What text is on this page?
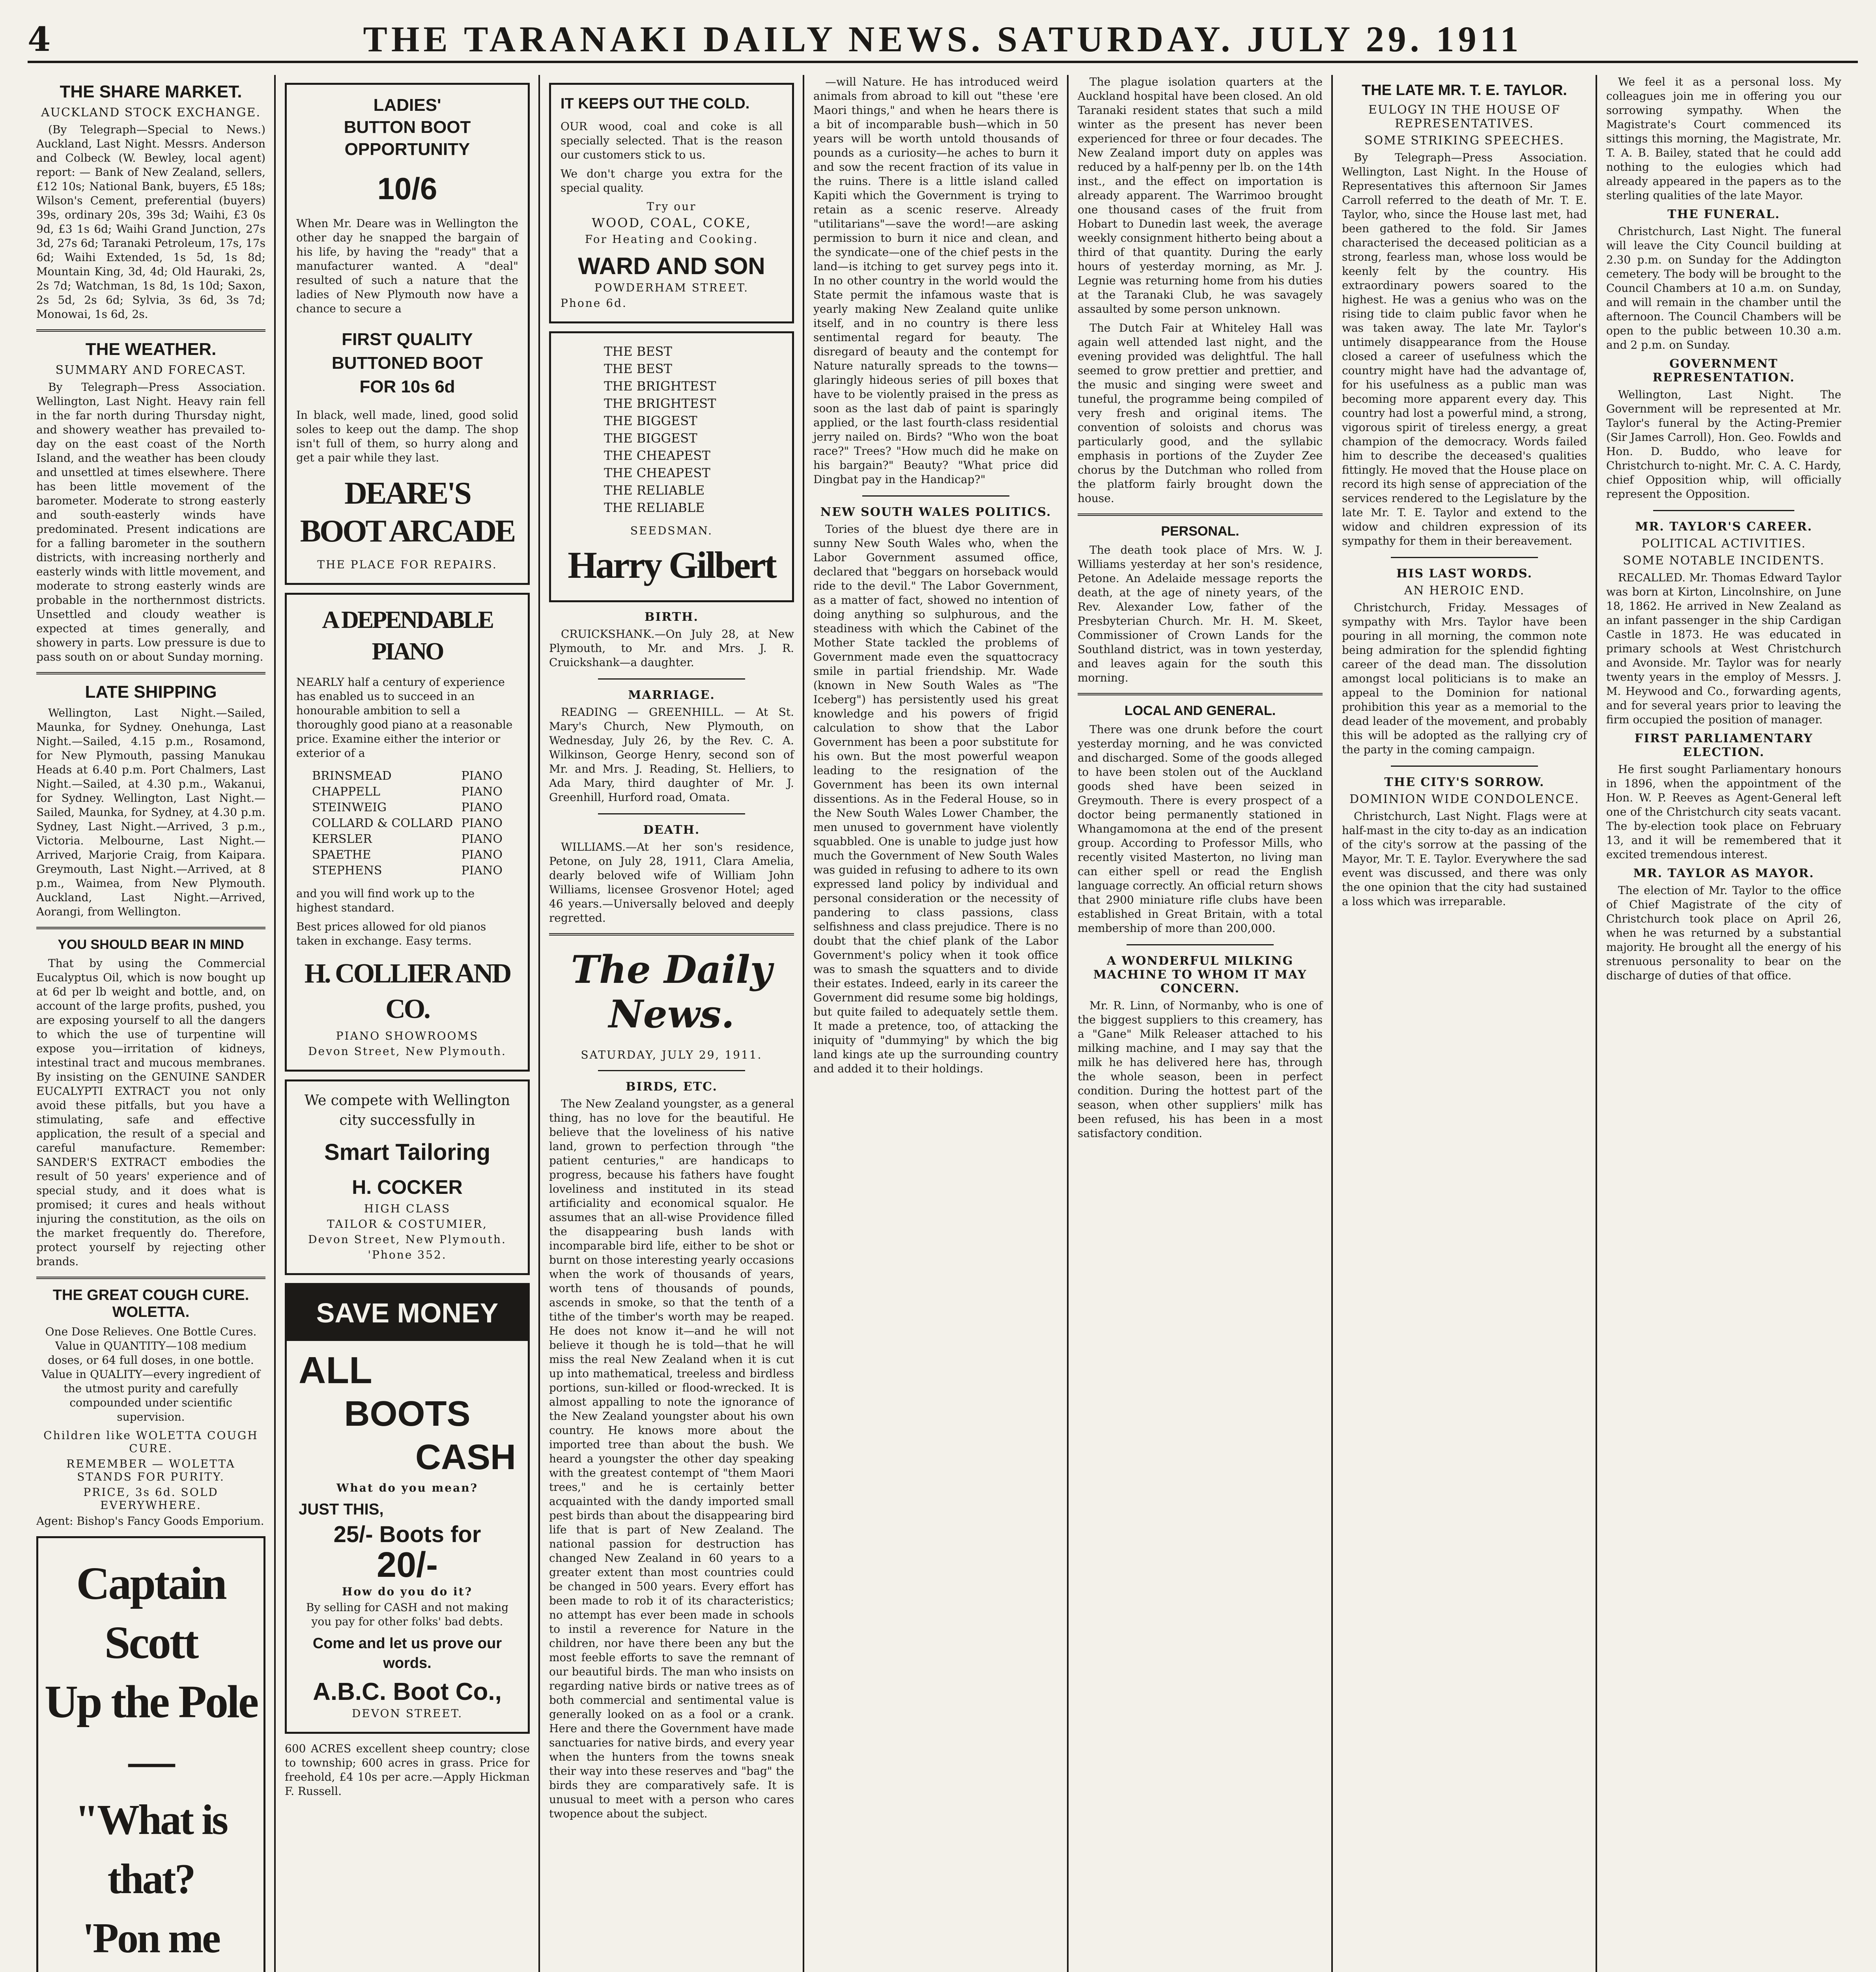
4	THE TARANAKI DAILY NEWS. SATURDAY. JULY 29. 1911
THE SHARE MARKET.
AUCKLAND STOCK EXCHANGE.

(By Telegraph—Special to News.) Auckland, Last Night. Messrs. Anderson and Colbeck (W. Bewley, local agent) report: — Bank of New Zealand, sellers, £12 10s; National Bank, buyers, £5 18s; Wilson's Cement, preferential (buyers) 39s, ordinary 20s, 39s 3d; Waihi, £3 0s 9d, £3 1s 6d; Waihi Grand Junction, 27s 3d, 27s 6d; Taranaki Petroleum, 17s, 17s 6d; Waihi Extended, 1s 5d, 1s 8d; Mountain King, 3d, 4d; Old Hauraki, 2s, 2s 7d; Watchman, 1s 8d, 1s 10d; Saxon, 2s 5d, 2s 6d; Sylvia, 3s 6d, 3s 7d; Monowai, 1s 6d, 2s.

THE WEATHER.
SUMMARY AND FORECAST.

By Telegraph—Press Association. Wellington, Last Night. Heavy rain fell in the far north during Thursday night, and showery weather has prevailed to-day on the east coast of the North Island, and the weather has been cloudy and unsettled at times elsewhere. There has been little movement of the barometer. Moderate to strong easterly and south-easterly winds have predominated. Present indications are for a falling barometer in the southern districts, with increasing northerly and easterly winds with little movement, and moderate to strong easterly winds are probable in the northernmost districts. Unsettled and cloudy weather is expected at times generally, and showery in parts. Low pressure is due to pass south on or about Sunday morning.

LATE SHIPPING

Wellington, Last Night.—Sailed, Maunka, for Sydney. Onehunga, Last Night.—Sailed, 4.15 p.m., Rosamond, for New Plymouth, passing Manukau Heads at 6.40 p.m. Port Chalmers, Last Night.—Sailed, at 4.30 p.m., Wakanui, for Sydney. Wellington, Last Night.—Sailed, Maunka, for Sydney, at 4.30 p.m. Sydney, Last Night.—Arrived, 3 p.m., Victoria. Melbourne, Last Night.—Arrived, Marjorie Craig, from Kaipara. Greymouth, Last Night.—Arrived, at 8 p.m., Waimea, from New Plymouth. Auckland, Last Night.—Arrived, Aorangi, from Wellington.

YOU SHOULD BEAR IN MIND

That by using the Commercial Eucalyptus Oil, which is now bought up at 6d per lb weight and bottle, and, on account of the large profits, pushed, you are exposing yourself to all the dangers to which the use of turpentine will expose you—irritation of kidneys, intestinal tract and mucous membranes. By insisting on the GENUINE SANDER EUCALYPTI EXTRACT you not only avoid these pitfalls, but you have a stimulating, safe and effective application, the result of a special and careful manufacture. Remember: SANDER'S EXTRACT embodies the result of 50 years' experience and of special study, and it does what is promised; it cures and heals without injuring the constitution, as the oils on the market frequently do. Therefore, protect yourself by rejecting other brands.

THE GREAT COUGH CURE. WOLETTA.

One Dose Relieves. One Bottle Cures. Value in QUANTITY—108 medium doses, or 64 full doses, in one bottle. Value in QUALITY—every ingredient of the utmost purity and carefully compounded under scientific supervision.

Children like WOLETTA COUGH CURE.
REMEMBER — WOLETTA STANDS FOR PURITY.
PRICE, 3s 6d. SOLD EVERYWHERE.

Agent: Bishop's Fancy Goods Emporium.

Captain Scott
Up the Pole—
"What is that?
'Pon me

LADIES'
BUTTON BOOT
OPPORTUNITY
10/6

When Mr. Deare was in Wellington the other day he snapped the bargain of his life, by having the "ready" that a manufacturer wanted. A "deal" resulted of such a nature that the ladies of New Plymouth now have a chance to secure a

FIRST QUALITY
BUTTONED BOOT
FOR 10s 6d

In black, well made, lined, good solid soles to keep out the damp. The shop isn't full of them, so hurry along and get a pair while they last.

DEARE'S
BOOT ARCADE
THE PLACE FOR REPAIRS.
A DEPENDABLE PIANO

NEARLY half a century of experience has enabled us to succeed in an honourable ambition to sell a thoroughly good piano at a reasonable price. Examine either the interior or exterior of a

BRINSMEAD	PIANO
CHAPPELL	PIANO
STEINWEIG	PIANO
COLLARD & COLLARD PIANO
KERSLER	PIANO
SPAETHE	PIANO
STEPHENS	PIANO

and you will find work up to the highest standard.

Best prices allowed for old pianos taken in exchange. Easy terms.

H. COLLIER AND CO.
PIANO SHOWROOMS
Devon Street, New Plymouth.

We compete with Wellington city successfully in

Smart Tailoring
H. COCKER
HIGH CLASS
TAILOR & COSTUMIER,
Devon Street, New Plymouth.
'Phone 352.
SAVE MONEY
ALL
BOOTS
CASH
What do you mean?
JUST THIS,
25/- Boots for
20/-
How do you do it?

By selling for CASH and not making you pay for other folks' bad debts.

Come and let us prove our words.
A.B.C. Boot Co.,
DEVON STREET.

600 ACRES excellent sheep country; close to township; 600 acres in grass. Price for freehold, £4 10s per acre.—Apply Hickman F. Russell.

IT KEEPS OUT THE COLD.

OUR wood, coal and coke is all specially selected. That is the reason our customers stick to us.

We don't charge you extra for the special quality.

Try our
WOOD, COAL, COKE,
For Heating and Cooking.
WARD AND SON
POWDERHAM STREET.
Phone 6d.
THE BEST
THE BEST
THE BRIGHTEST
THE BRIGHTEST
THE BIGGEST
THE BIGGEST
THE CHEAPEST
THE CHEAPEST
THE RELIABLE
THE RELIABLE
SEEDSMAN.
Harry Gilbert
BIRTH.

CRUICKSHANK.—On July 28, at New Plymouth, to Mr. and Mrs. J. R. Cruickshank—a daughter.

MARRIAGE.

READING — GREENHILL. — At St. Mary's Church, New Plymouth, on Wednesday, July 26, by the Rev. C. A. Wilkinson, George Henry, second son of Mr. and Mrs. J. Reading, St. Helliers, to Ada Mary, third daughter of Mr. J. Greenhill, Hurford road, Omata.

DEATH.

WILLIAMS.—At her son's residence, Petone, on July 28, 1911, Clara Amelia, dearly beloved wife of William John Williams, licensee Grosvenor Hotel; aged 46 years.—Universally beloved and deeply regretted.

The Daily News.
SATURDAY, JULY 29, 1911.
BIRDS, ETC.

The New Zealand youngster, as a general thing, has no love for the beautiful. He believe that the loveliness of his native land, grown to perfection through "the patient centuries," are handicaps to progress, because his fathers have fought loveliness and instituted in its stead artificiality and economical squalor. He assumes that an all-wise Providence filled the disappearing bush lands with incomparable bird life, either to be shot or burnt on those interesting yearly occasions when the work of thousands of years, worth tens of thousands of pounds, ascends in smoke, so that the tenth of a tithe of the timber's worth may be reaped. He does not know it—and he will not believe it though he is told—that he will miss the real New Zealand when it is cut up into mathematical, treeless and birdless portions, sun-killed or flood-wrecked. It is almost appalling to note the ignorance of the New Zealand youngster about his own country. He knows more about the imported tree than about the bush. We heard a youngster the other day speaking with the greatest contempt of "them Maori trees," and he is certainly better acquainted with the dandy imported small pest birds than about the disappearing bird life that is part of New Zealand. The national passion for destruction has changed New Zealand in 60 years to a greater extent than most countries could be changed in 500 years. Every effort has been made to rob it of its characteristics; no attempt has ever been made in schools to instil a reverence for Nature in the children, nor have there been any but the most feeble efforts to save the remnant of our beautiful birds. The man who insists on regarding native birds or native trees as of both commercial and sentimental value is generally looked on as a fool or a crank. Here and there the Government have made sanctuaries for native birds, and every year when the hunters from the towns sneak their way into these reserves and "bag" the birds they are comparatively safe. It is unusual to meet with a person who cares twopence about the subject.

—will Nature. He has introduced weird animals from abroad to kill out "these 'ere Maori things," and when he hears there is a bit of incomparable bush—which in 50 years will be worth untold thousands of pounds as a curiosity—he aches to burn it and sow the recent fraction of its value in the ruins. There is a little island called Kapiti which the Government is trying to retain as a scenic reserve. Already "utilitarians"—save the word!—are asking permission to burn it nice and clean, and the syndicate—one of the chief pests in the land—is itching to get survey pegs into it. In no other country in the world would the State permit the infamous waste that is yearly making New Zealand quite unlike itself, and in no country is there less sentimental regard for beauty. The disregard of beauty and the contempt for Nature naturally spreads to the towns—glaringly hideous series of pill boxes that have to be violently praised in the press as soon as the last dab of paint is sparingly applied, or the last fourth-class residential jerry nailed on. Birds? "Who won the boat race?" Trees? "How much did he make on his bargain?" Beauty? "What price did Dingbat pay in the Handicap?"

NEW SOUTH WALES POLITICS.

Tories of the bluest dye there are in sunny New South Wales who, when the Labor Government assumed office, declared that "beggars on horseback would ride to the devil." The Labor Government, as a matter of fact, showed no intention of doing anything so sulphurous, and the steadiness with which the Cabinet of the Mother State tackled the problems of Government made even the squattocracy smile in partial friendship. Mr. Wade (known in New South Wales as "The Iceberg") has persistently used his great knowledge and his powers of frigid calculation to show that the Labor Government has been a poor substitute for his own. But the most powerful weapon leading to the resignation of the Government has been its own internal dissentions. As in the Federal House, so in the New South Wales Lower Chamber, the men unused to government have violently squabbled. One is unable to judge just how much the Government of New South Wales was guided in refusing to adhere to its own expressed land policy by individual and personal consideration or the necessity of pandering to class passions, class selfishness and class prejudice. There is no doubt that the chief plank of the Labor Government's policy when it took office was to smash the squatters and to divide their estates. Indeed, early in its career the Government did resume some big holdings, but quite failed to adequately settle them. It made a pretence, too, of attacking the iniquity of "dummying" by which the big land kings ate up the surrounding country and added it to their holdings.

The plague isolation quarters at the Auckland hospital have been closed. An old Taranaki resident states that such a mild winter as the present has never been experienced for three or four decades. The New Zealand import duty on apples was reduced by a half-penny per lb. on the 14th inst., and the effect on importation is already apparent. The Warrimoo brought one thousand cases of the fruit from Hobart to Dunedin last week, the average weekly consignment hitherto being about a third of that quantity. During the early hours of yesterday morning, as Mr. J. Legnie was returning home from his duties at the Taranaki Club, he was savagely assaulted by some person unknown.

The Dutch Fair at Whiteley Hall was again well attended last night, and the evening provided was delightful. The hall seemed to grow prettier and prettier, and the music and singing were sweet and tuneful, the programme being compiled of very fresh and original items. The convention of soloists and chorus was particularly good, and the syllabic emphasis in portions of the Zuyder Zee chorus by the Dutchman who rolled from the platform fairly brought down the house.

PERSONAL.

The death took place of Mrs. W. J. Williams yesterday at her son's residence, Petone. An Adelaide message reports the death, at the age of ninety years, of the Rev. Alexander Low, father of the Presbyterian Church. Mr. H. M. Skeet, Commissioner of Crown Lands for the Southland district, was in town yesterday, and leaves again for the south this morning.

LOCAL AND GENERAL.

There was one drunk before the court yesterday morning, and he was convicted and discharged. Some of the goods alleged to have been stolen out of the Auckland goods shed have been seized in Greymouth. There is every prospect of a doctor being permanently stationed in Whangamomona at the end of the present group. According to Professor Mills, who recently visited Masterton, no living man can either spell or read the English language correctly. An official return shows that 2900 miniature rifle clubs have been established in Great Britain, with a total membership of more than 200,000.

A WONDERFUL MILKING MACHINE TO WHOM IT MAY CONCERN.

Mr. R. Linn, of Normanby, who is one of the biggest suppliers to this creamery, has a "Gane" Milk Releaser attached to his milking machine, and I may say that the milk he has delivered here has, through the whole season, been in perfect condition. During the hottest part of the season, when other suppliers' milk has been refused, his has been in a most satisfactory condition.

THE LATE MR. T. E. TAYLOR.
EULOGY IN THE HOUSE OF REPRESENTATIVES.
SOME STRIKING SPEECHES.

By Telegraph—Press Association. Wellington, Last Night. In the House of Representatives this afternoon Sir James Carroll referred to the death of Mr. T. E. Taylor, who, since the House last met, had been gathered to the fold. Sir James characterised the deceased politician as a strong, fearless man, whose loss would be keenly felt by the country. His extraordinary powers soared to the highest. He was a genius who was on the rising tide to claim public favor when he was taken away. The late Mr. Taylor's untimely disappearance from the House closed a career of usefulness which the country might have had the advantage of, for his usefulness as a public man was becoming more apparent every day. This country had lost a powerful mind, a strong, vigorous spirit of tireless energy, a great champion of the democracy. Words failed him to describe the deceased's qualities fittingly. He moved that the House place on record its high sense of appreciation of the services rendered to the Legislature by the late Mr. T. E. Taylor and extend to the widow and children expression of its sympathy for them in their bereavement.

HIS LAST WORDS.
AN HEROIC END.

Christchurch, Friday. Messages of sympathy with Mrs. Taylor have been pouring in all morning, the common note being admiration for the splendid fighting career of the dead man. The dissolution amongst local politicians is to make an appeal to the Dominion for national prohibition this year as a memorial to the dead leader of the movement, and probably this will be adopted as the rallying cry of the party in the coming campaign.

THE CITY'S SORROW.
DOMINION WIDE CONDOLENCE.

Christchurch, Last Night. Flags were at half-mast in the city to-day as an indication of the city's sorrow at the passing of the Mayor, Mr. T. E. Taylor. Everywhere the sad event was discussed, and there was only the one opinion that the city had sustained a loss which was irreparable.

We feel it as a personal loss. My colleagues join me in offering you our sorrowing sympathy. When the Magistrate's Court commenced its sittings this morning, the Magistrate, Mr. T. A. B. Bailey, stated that he could add nothing to the eulogies which had already appeared in the papers as to the sterling qualities of the late Mayor.

THE FUNERAL.

Christchurch, Last Night. The funeral will leave the City Council building at 2.30 p.m. on Sunday for the Addington cemetery. The body will be brought to the Council Chambers at 10 a.m. on Sunday, and will remain in the chamber until the afternoon. The Council Chambers will be open to the public between 10.30 a.m. and 2 p.m. on Sunday.

GOVERNMENT REPRESENTATION.

Wellington, Last Night. The Government will be represented at Mr. Taylor's funeral by the Acting-Premier (Sir James Carroll), Hon. Geo. Fowlds and Hon. D. Buddo, who leave for Christchurch to-night. Mr. C. A. C. Hardy, chief Opposition whip, will officially represent the Opposition.

MR. TAYLOR'S CAREER.
POLITICAL ACTIVITIES.
SOME NOTABLE INCIDENTS.

RECALLED. Mr. Thomas Edward Taylor was born at Kirton, Lincolnshire, on June 18, 1862. He arrived in New Zealand as an infant passenger in the ship Cardigan Castle in 1873. He was educated in primary schools at West Christchurch and Avonside. Mr. Taylor was for nearly twenty years in the employ of Messrs. J. M. Heywood and Co., forwarding agents, and for several years prior to leaving the firm occupied the position of manager.

FIRST PARLIAMENTARY ELECTION.

He first sought Parliamentary honours in 1896, when the appointment of the Hon. W. P. Reeves as Agent-General left one of the Christchurch city seats vacant. The by-election took place on February 13, and it will be remembered that it excited tremendous interest.

MR. TAYLOR AS MAYOR.

The election of Mr. Taylor to the office of Chief Magistrate of the city of Christchurch took place on April 26, when he was returned by a substantial majority. He brought all the energy of his strenuous personality to bear on the discharge of duties of that office.
